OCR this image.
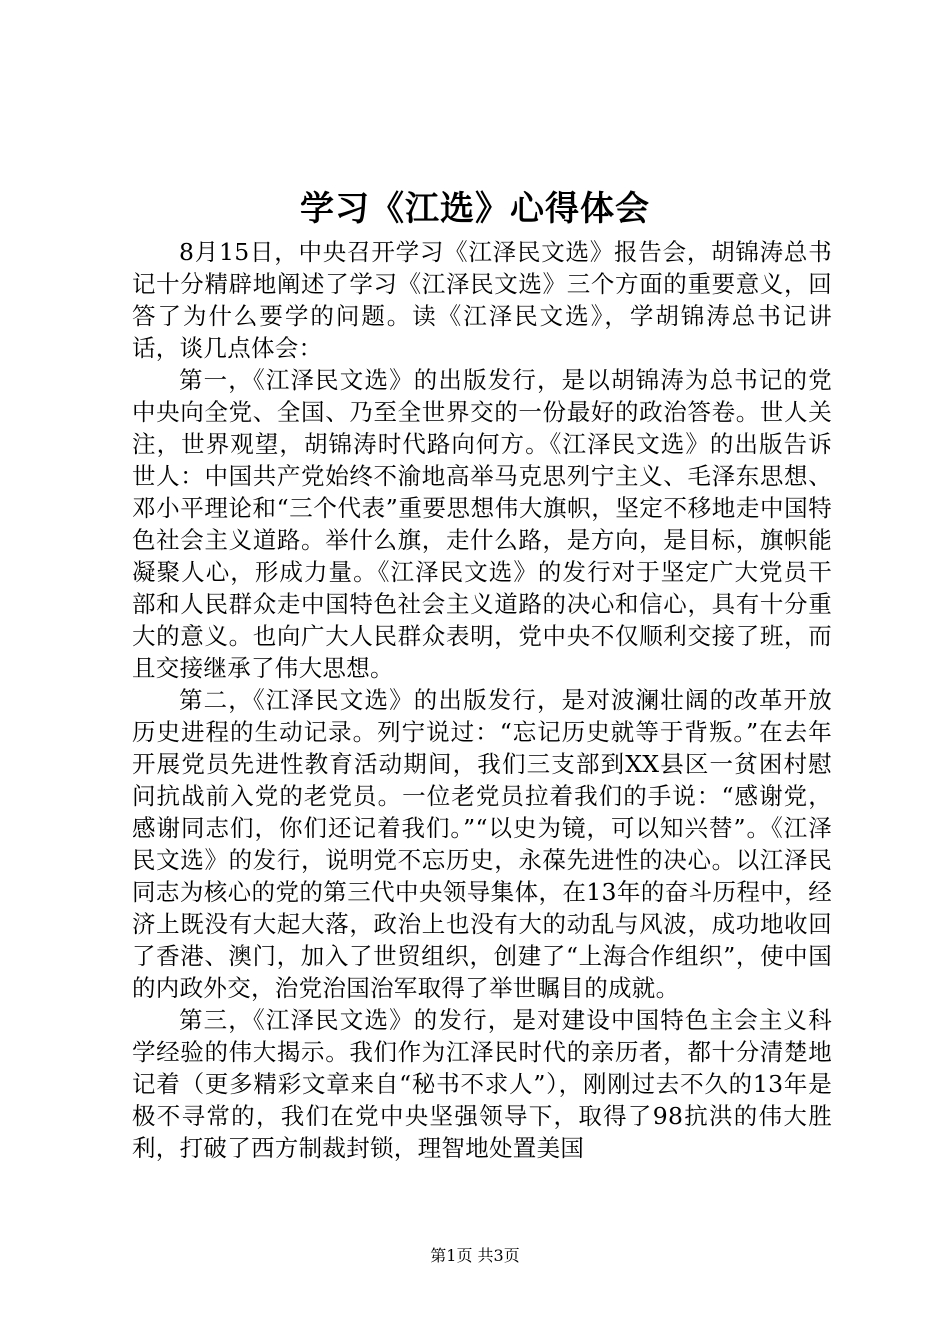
学习《江选》心得体会

8月15日，中央召开学习《江泽民文选》报告会，胡锦涛总书记十分精辟地阐述了学习《江泽民文选》三个方面的重要意义，回答了为什么要学的问题。读《江泽民文选》，学胡锦涛总书记讲话，谈几点体会：

第一，《江泽民文选》的出版发行，是以胡锦涛为总书记的党中央向全党、全国、乃至全世界交的一份最好的政治答卷。世人关注，世界观望，胡锦涛时代路向何方。《江泽民文选》的出版告诉世人：中国共产党始终不渝地高举马克思列宁主义、毛泽东思想、邓小平理论和“三个代表”重要思想伟大旗帜，坚定不移地走中国特色社会主义道路。举什么旗，走什么路，是方向，是目标，旗帜能凝聚人心，形成力量。《江泽民文选》的发行对于坚定广大党员干部和人民群众走中国特色社会主义道路的决心和信心，具有十分重大的意义。也向广大人民群众表明，党中央不仅顺利交接了班，而且交接继承了伟大思想。

第二，《江泽民文选》的出版发行，是对波澜壮阔的改革开放历史进程的生动记录。列宁说过：“忘记历史就等于背叛。”在去年开展党员先进性教育活动期间，我们三支部到XX县区一贫困村慰问抗战前入党的老党员。一位老党员拉着我们的手说：“感谢党，感谢同志们，你们还记着我们。”“以史为镜，可以知兴替”。《江泽民文选》的发行，说明党不忘历史，永葆先进性的决心。以江泽民同志为核心的党的第三代中央领导集体，在13年的奋斗历程中，经济上既没有大起大落，政治上也没有大的动乱与风波，成功地收回了香港、澳门，加入了世贸组织，创建了“上海合作组织”，使中国的内政外交，治党治国治军取得了举世瞩目的成就。

第三，《江泽民文选》的发行，是对建设中国特色主会主义科学经验的伟大揭示。我们作为江泽民时代的亲历者，都十分清楚地记着（更多精彩文章来自“秘书不求人”），刚刚过去不久的13年是极不寻常的，我们在党中央坚强领导下，取得了98抗洪的伟大胜利，打破了西方制裁封锁，理智地处置美国

第1页 共3页
